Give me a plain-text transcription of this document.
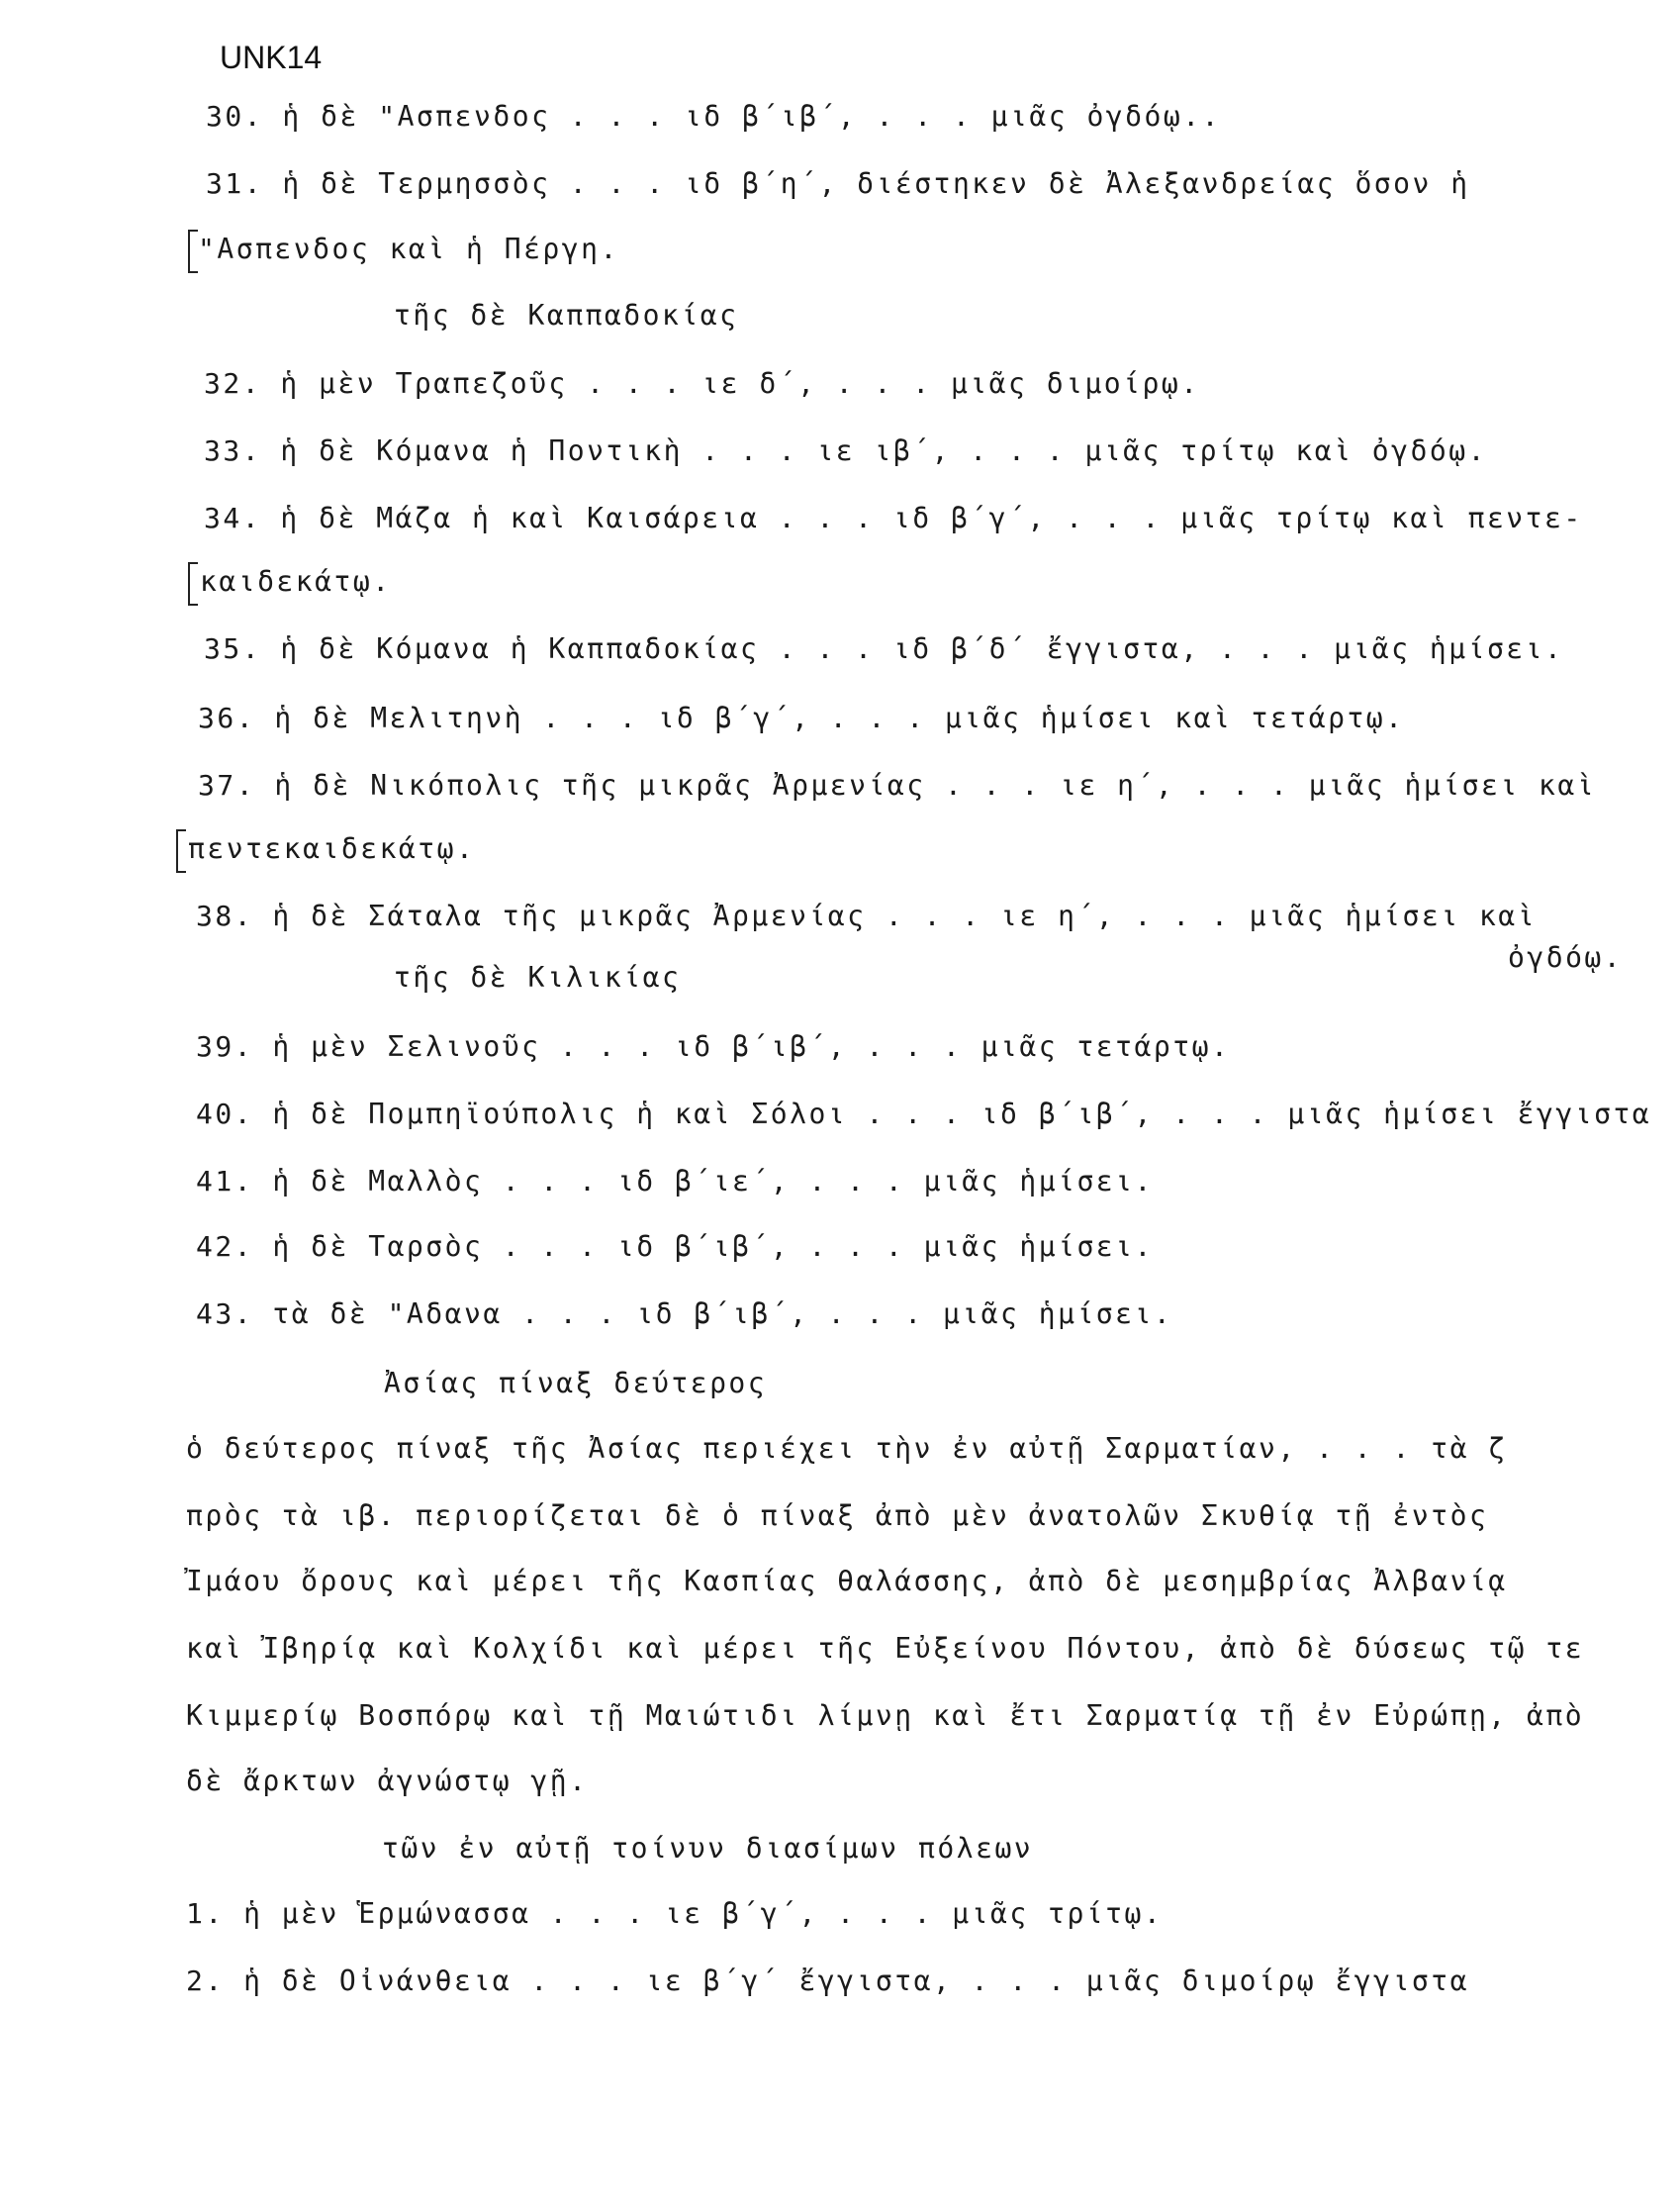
UNK14
30. ἡ δὲ "Ασπενδος . . . ιδ β΄ιβ΄, . . . μιᾶς ὀγδόῳ..
31. ἡ δὲ Τερμησσὸς . . . ιδ β΄η΄, διέστηκεν δὲ Ἀλεξανδρείας ὅσον ἡ
"Ασπενδος καὶ ἡ Πέργη.
τῆς δὲ Καππαδοκίας
32. ἡ μὲν Τραπεζοῦς . . . ιε δ΄, . . . μιᾶς διμοίρῳ.
33. ἡ δὲ Κόμανα ἡ Ποντικὴ . . . ιε ιβ΄, . . . μιᾶς τρίτῳ καὶ ὀγδόῳ.
34. ἡ δὲ Μάζα ἡ καὶ Καισάρεια . . . ιδ β΄γ΄, . . . μιᾶς τρίτῳ καὶ πεντε-
καιδεκάτῳ.
35. ἡ δὲ Κόμανα ἡ Καππαδοκίας . . . ιδ β΄δ΄ ἔγγιστα, . . . μιᾶς ἡμίσει.
36. ἡ δὲ Μελιτηνὴ . . . ιδ β΄γ΄, . . . μιᾶς ἡμίσει καὶ τετάρτῳ.
37. ἡ δὲ Νικόπολις τῆς μικρᾶς Ἀρμενίας . . . ιε η΄, . . . μιᾶς ἡμίσει καὶ
πεντεκαιδεκάτῳ.
38. ἡ δὲ Σάταλα τῆς μικρᾶς Ἀρμενίας . . . ιε η΄, . . . μιᾶς ἡμίσει καὶ
ὀγδόῳ.
τῆς δὲ Κιλικίας
39. ἡ μὲν Σελινοῦς . . . ιδ β΄ιβ΄, . . . μιᾶς τετάρτῳ.
40. ἡ δὲ Πομπηϊούπολις ἡ καὶ Σόλοι . . . ιδ β΄ιβ΄, . . . μιᾶς ἡμίσει ἔγγιστα
41. ἡ δὲ Μαλλὸς . . . ιδ β΄ιε΄, . . . μιᾶς ἡμίσει.
42. ἡ δὲ Ταρσὸς . . . ιδ β΄ιβ΄, . . . μιᾶς ἡμίσει.
43. τὰ δὲ "Αδανα . . . ιδ β΄ιβ΄, . . . μιᾶς ἡμίσει.
Ἀσίας πίναξ δεύτερος
ὁ δεύτερος πίναξ τῆς Ἀσίας περιέχει τὴν ἐν αὐτῇ Σαρματίαν, . . . τὰ ζ
πρὸς τὰ ιβ. περιορίζεται δὲ ὁ πίναξ ἀπὸ μὲν ἀνατολῶν Σκυθίᾳ τῇ ἐντὸς
Ἰμάου ὄρους καὶ μέρει τῆς Κασπίας θαλάσσης, ἀπὸ δὲ μεσημβρίας Ἀλβανίᾳ
καὶ Ἰβηρίᾳ καὶ Κολχίδι καὶ μέρει τῆς Εὐξείνου Πόντου, ἀπὸ δὲ δύσεως τῷ τε
Κιμμερίῳ Βοσπόρῳ καὶ τῇ Μαιώτιδι λίμνῃ καὶ ἔτι Σαρματίᾳ τῇ ἐν Εὐρώπῃ, ἀπὸ
δὲ ἄρκτων ἀγνώστῳ γῇ.
τῶν ἐν αὐτῇ τοίνυν διασίμων πόλεων
1. ἡ μὲν Ἑρμώνασσα . . . ιε β΄γ΄, . . . μιᾶς τρίτῳ.
2. ἡ δὲ Οἰνάνθεια . . . ιε β΄γ΄ ἔγγιστα, . . . μιᾶς διμοίρῳ ἔγγιστα
